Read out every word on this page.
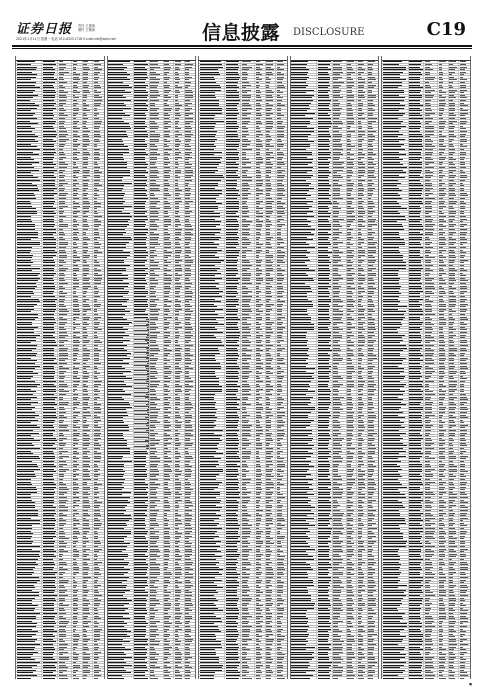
证券日报 责任 王建涛
制作 王敬涛
2021年1月11日 星期一 电话 010-83251716 E-mail:zrb@zqrb.net	信息披露 DISCLOSURE	C19
■
